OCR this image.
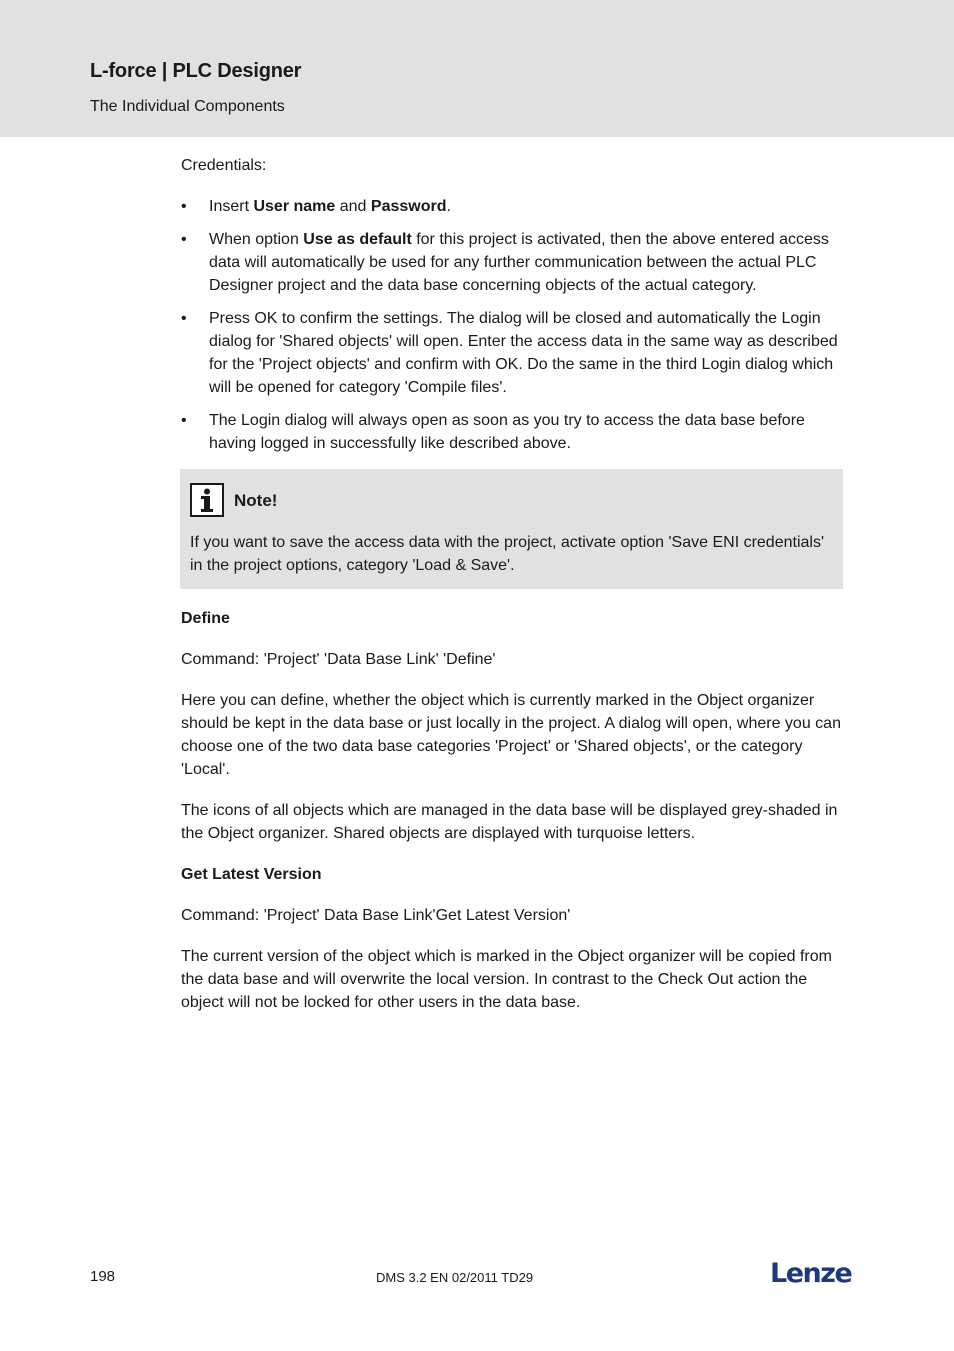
L-force | PLC Designer
The Individual Components

Credentials:

• Insert User name and Password.
• When option Use as default for this project is activated, then the above entered access data will automatically be used for any further communication between the actual PLC Designer project and the data base concerning objects of the actual category.
• Press OK to confirm the settings. The dialog will be closed and automatically the Login dialog for 'Shared objects' will open. Enter the access data in the same way as described for the 'Project objects' and confirm with OK. Do the same in the third Login dialog which will be opened for category 'Compile files'.
• The Login dialog will always open as soon as you try to access the data base before having logged in successfully like described above.
Note!

If you want to save the access data with the project, activate option 'Save ENI credentials' in the project options, category 'Load & Save'.

Define

Command: 'Project' 'Data Base Link' 'Define'

Here you can define, whether the object which is currently marked in the Object organizer should be kept in the data base or just locally in the project. A dialog will open, where you can choose one of the two data base categories 'Project' or 'Shared objects', or the category 'Local'.

The icons of all objects which are managed in the data base will be displayed grey-shaded in the Object organizer. Shared objects are displayed with turquoise letters.

Get Latest Version

Command: 'Project' Data Base Link'Get Latest Version'

The current version of the object which is marked in the Object organizer will be copied from the data base and will overwrite the local version. In contrast to the Check Out action the object will not be locked for other users in the data base.

198	DMS 3.2 EN 02/2011 TD29	Lenze
